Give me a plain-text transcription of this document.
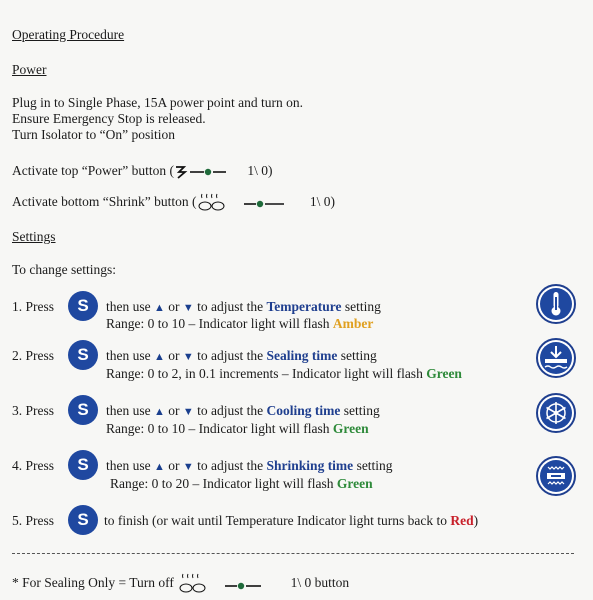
Operating Procedure
Power
Plug in to Single Phase, 15A power point and turn on.
Ensure Emergency Stop is released.
Turn Isolator to “On” position
Activate top “Power” button (	1\ 0)
Activate bottom “Shrink” button (	1\ 0)
Settings
To change settings:
1. Press	S	then use ▲ or ▼ to adjust the Temperature setting
Range: 0 to 10 – Indicator light will flash Amber
2. Press	S	then use ▲ or ▼ to adjust the Sealing time setting
Range: 0 to 2, in 0.1 increments – Indicator light will flash Green
3. Press	S	then use ▲ or ▼ to adjust the Cooling time setting
Range: 0 to 10 – Indicator light will flash Green
4. Press	S	then use ▲ or ▼ to adjust the Shrinking time setting
Range: 0 to 20 – Indicator light will flash Green
5. Press	S	to finish (or wait until Temperature Indicator light turns back to Red)
* For Sealing Only = Turn off	1\ 0 button
